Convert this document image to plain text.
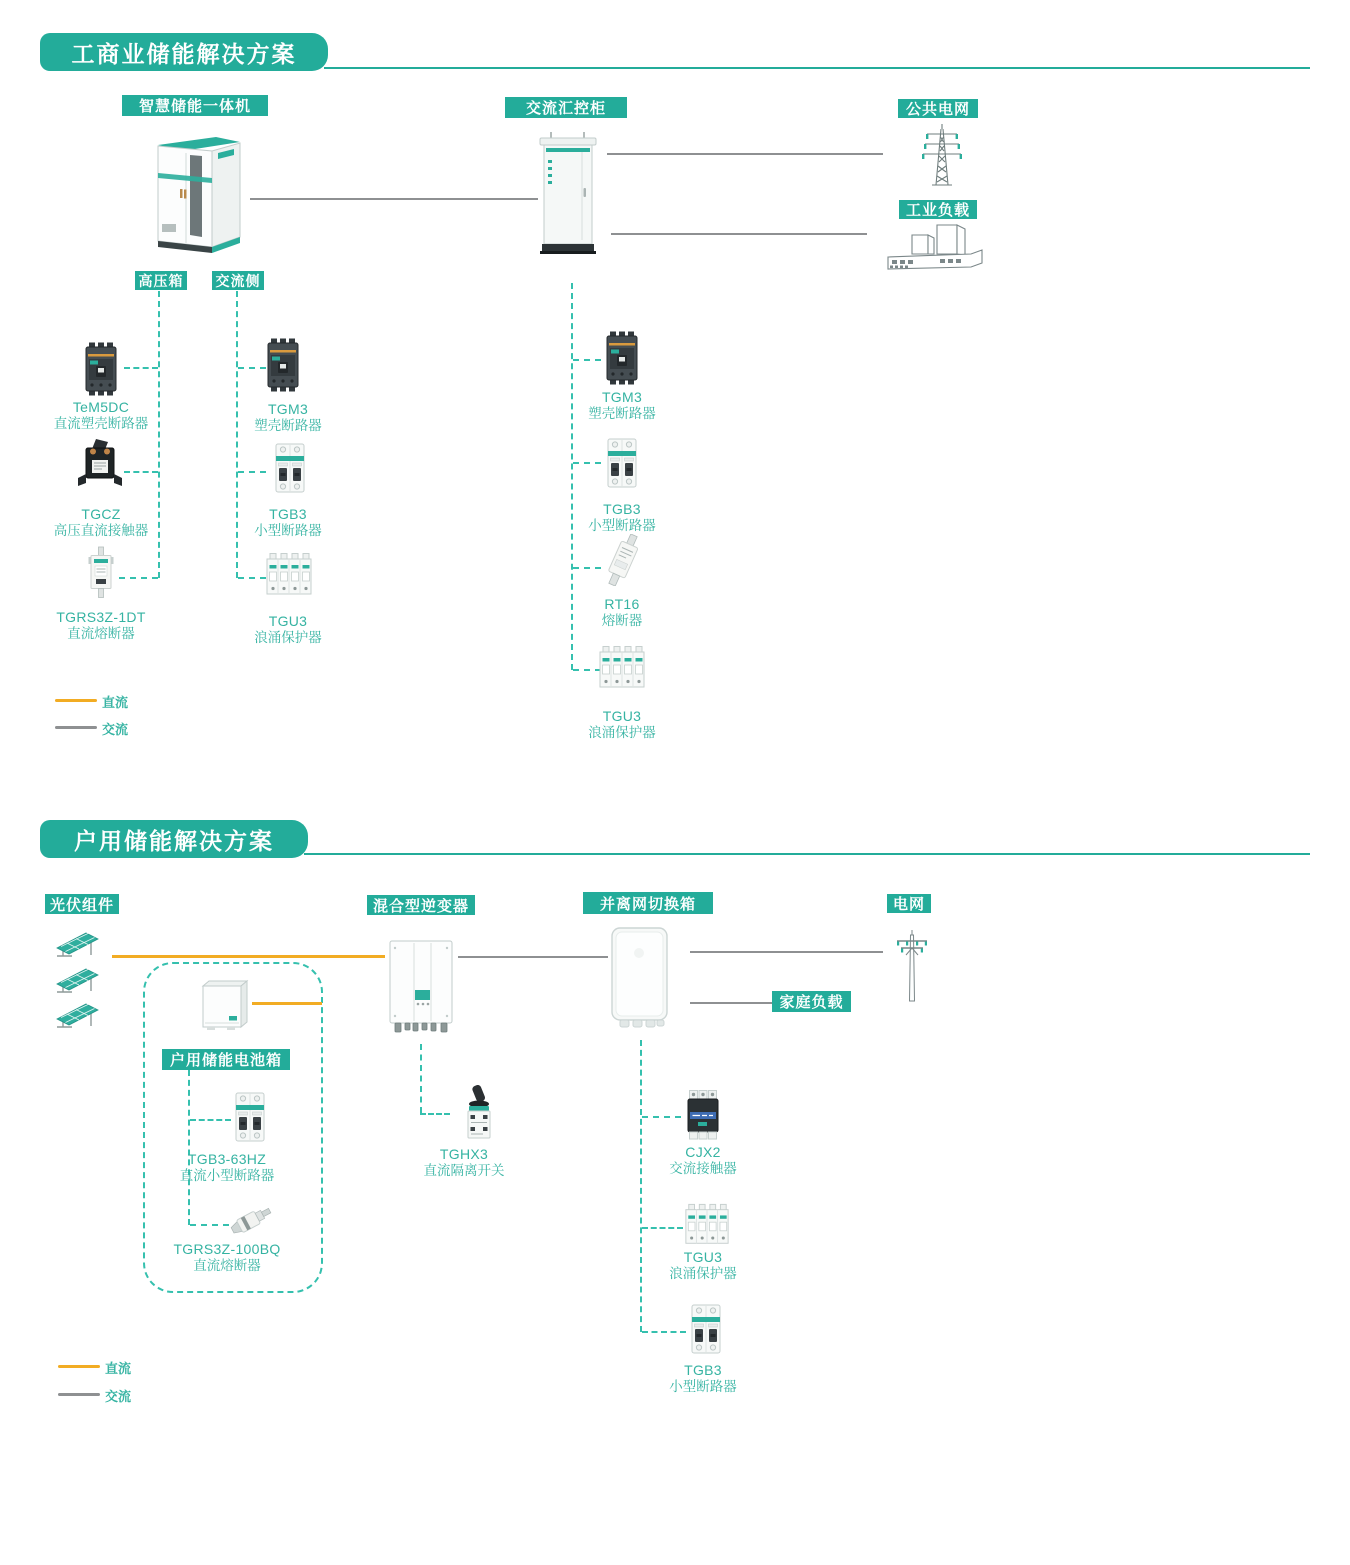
工商业储能解决方案
智慧储能一体机	交流汇控柜	公共电网
工业负载
高压箱 交流侧
TeM5DC
直流塑壳断路器
TGCZ
高压直流接触器
TGRS3Z-1DT
直流熔断器
TGM3
塑壳断路器
TGB3
小型断路器
TGU3
浪涌保护器
TGM3
塑壳断路器
TGB3
小型断路器
RT16
熔断器
TGU3
浪涌保护器
直流
交流
户用储能解决方案
光伏组件
户用储能电池箱
TGB3-63HZ
直流小型断路器
TGRS3Z-100BQ
直流熔断器
混合型逆变器
TGHX3
直流隔离开关
并离网切换箱
家庭负载
电网
CJX2
交流接触器
TGU3
浪涌保护器
TGB3
小型断路器
直流
交流
